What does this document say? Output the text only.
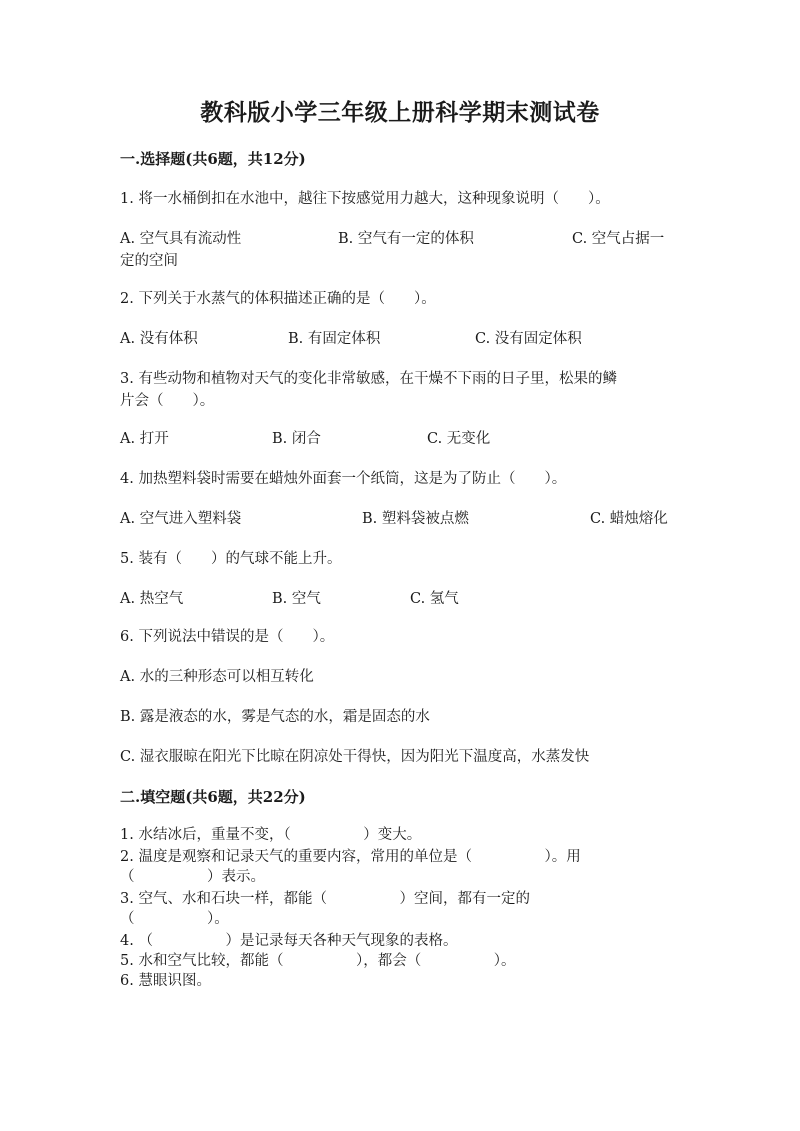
教科版小学三年级上册科学期末测试卷
一.选择题(共6题，共12分)
1. 将一水桶倒扣在水池中，越往下按感觉用力越大，这种现象说明（　　）。
A. 空气具有流动性	B. 空气有一定的体积	C. 空气占据一
定的空间
2. 下列关于水蒸气的体积描述正确的是（　　）。
A. 没有体积	B. 有固定体积	C. 没有固定体积
3. 有些动物和植物对天气的变化非常敏感，在干燥不下雨的日子里，松果的鳞
片会（　　）。
A. 打开	B. 闭合	C. 无变化
4. 加热塑料袋时需要在蜡烛外面套一个纸筒，这是为了防止（　　）。
A. 空气进入塑料袋	B. 塑料袋被点燃	C. 蜡烛熔化
5. 装有（　　）的气球不能上升。
A. 热空气	B. 空气	C. 氢气
6. 下列说法中错误的是（　　）。
A. 水的三种形态可以相互转化
B. 露是液态的水，雾是气态的水，霜是固态的水
C. 湿衣服晾在阳光下比晾在阴凉处干得快，因为阳光下温度高，水蒸发快
二.填空题(共6题，共22分)
1. 水结冰后，重量不变，（　　　　　）变大。
2. 温度是观察和记录天气的重要内容，常用的单位是（　　　　　）。用
（　　　　　）表示。
3. 空气、水和石块一样，都能（　　　　　）空间，都有一定的
（　　　　　）。
4. （　　　　　）是记录每天各种天气现象的表格。
5. 水和空气比较，都能（　　　　　），都会（　　　　　）。
6. 慧眼识图。
